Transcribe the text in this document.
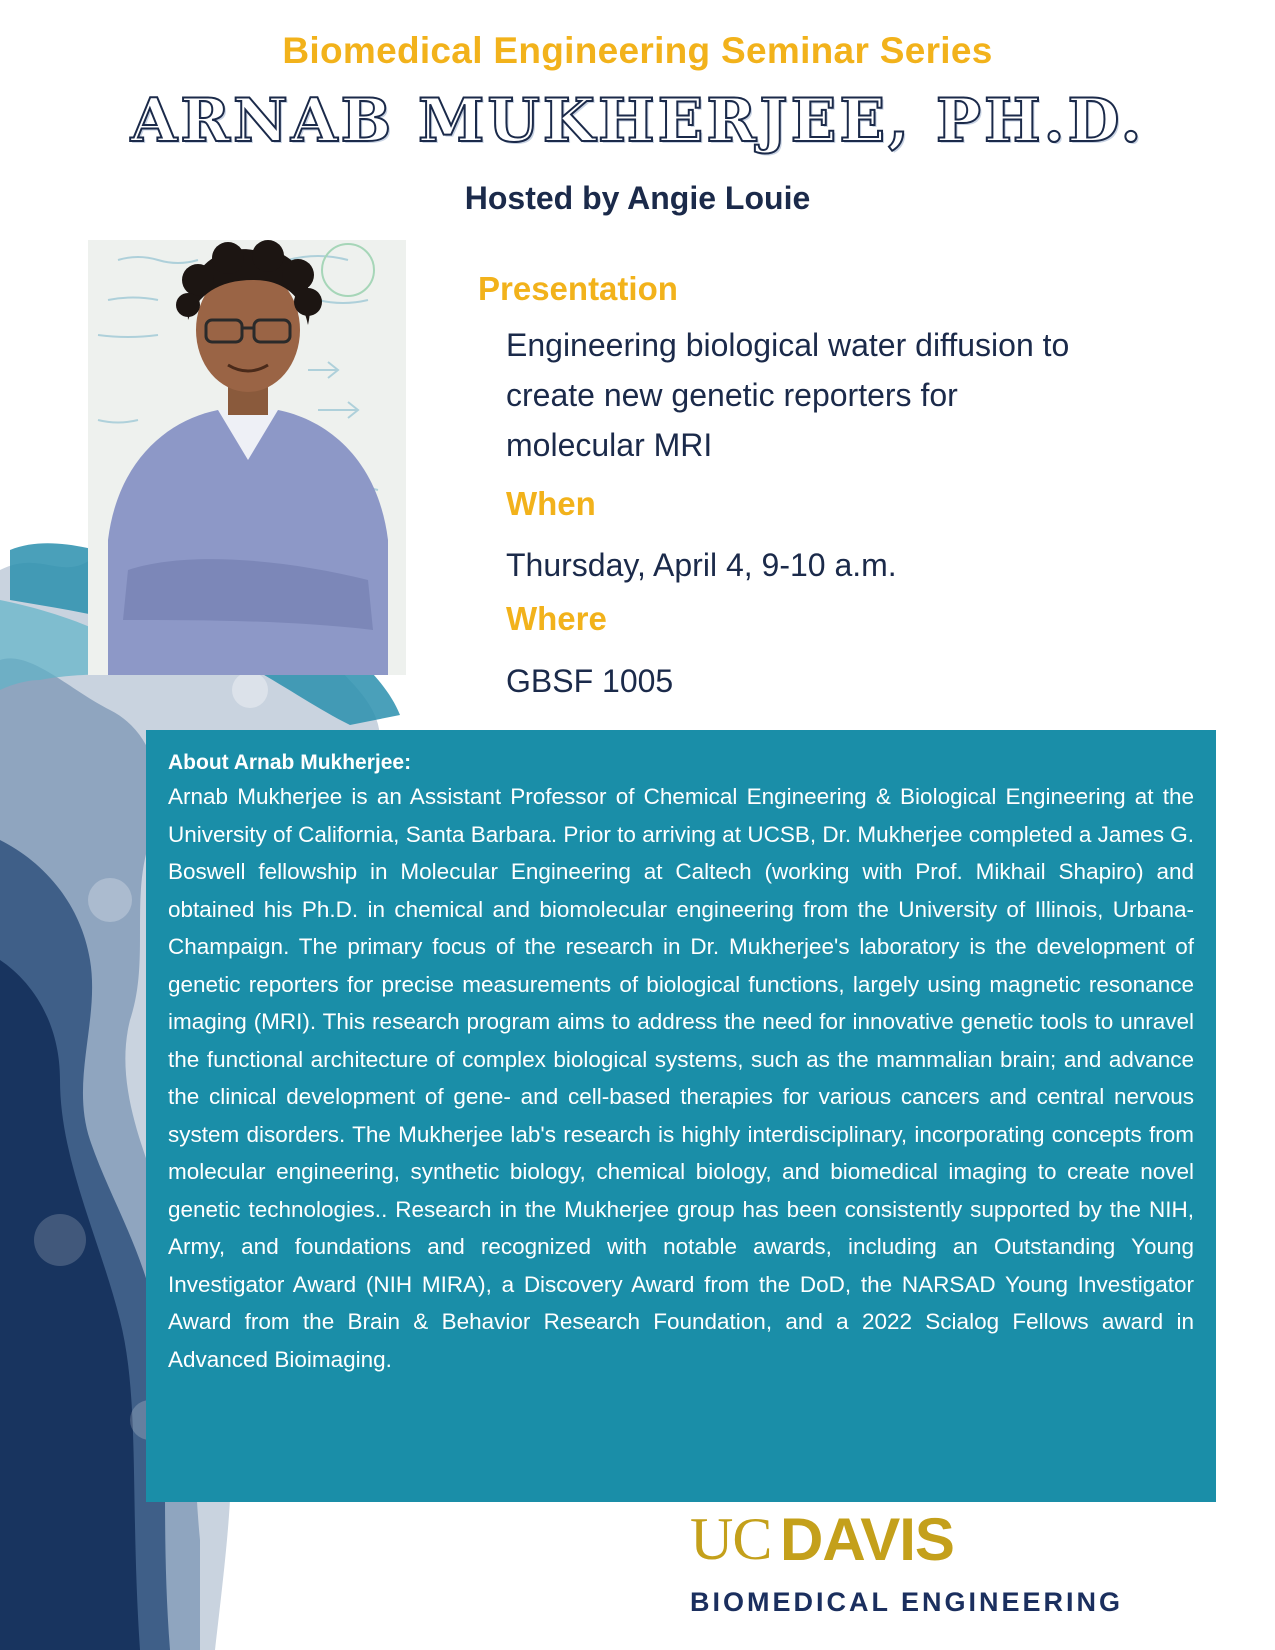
Biomedical Engineering Seminar Series
ARNAB MUKHERJEE, PH.D.
Hosted by Angie Louie
Presentation
Engineering biological water diffusion to
create new genetic reporters for
molecular MRI
When
Thursday, April 4, 9-10 a.m.
Where
GBSF 1005
About Arnab Mukherjee:

Arnab Mukherjee is an Assistant Professor of Chemical Engineering & Biological Engineering at the University of California, Santa Barbara. Prior to arriving at UCSB, Dr. Mukherjee completed a James G. Boswell fellowship in Molecular Engineering at Caltech (working with Prof. Mikhail Shapiro) and obtained his Ph.D. in chemical and biomolecular engineering from the University of Illinois, Urbana-Champaign. The primary focus of the research in Dr. Mukherjee's laboratory is the development of genetic reporters for precise measurements of biological functions, largely using magnetic resonance imaging (MRI). This research program aims to address the need for innovative genetic tools to unravel the functional architecture of complex biological systems, such as the mammalian brain; and advance the clinical development of gene- and cell-based therapies for various cancers and central nervous system disorders. The Mukherjee lab's research is highly interdisciplinary, incorporating concepts from molecular engineering, synthetic biology, chemical biology, and biomedical imaging to create novel genetic technologies.. Research in the Mukherjee group has been consistently supported by the NIH, Army, and foundations and recognized with notable awards, including an Outstanding Young Investigator Award (NIH MIRA), a Discovery Award from the DoD, the NARSAD Young Investigator Award from the Brain & Behavior Research Foundation, and a 2022 Scialog Fellows award in Advanced Bioimaging.

UC DAVIS
BIOMEDICAL ENGINEERING
